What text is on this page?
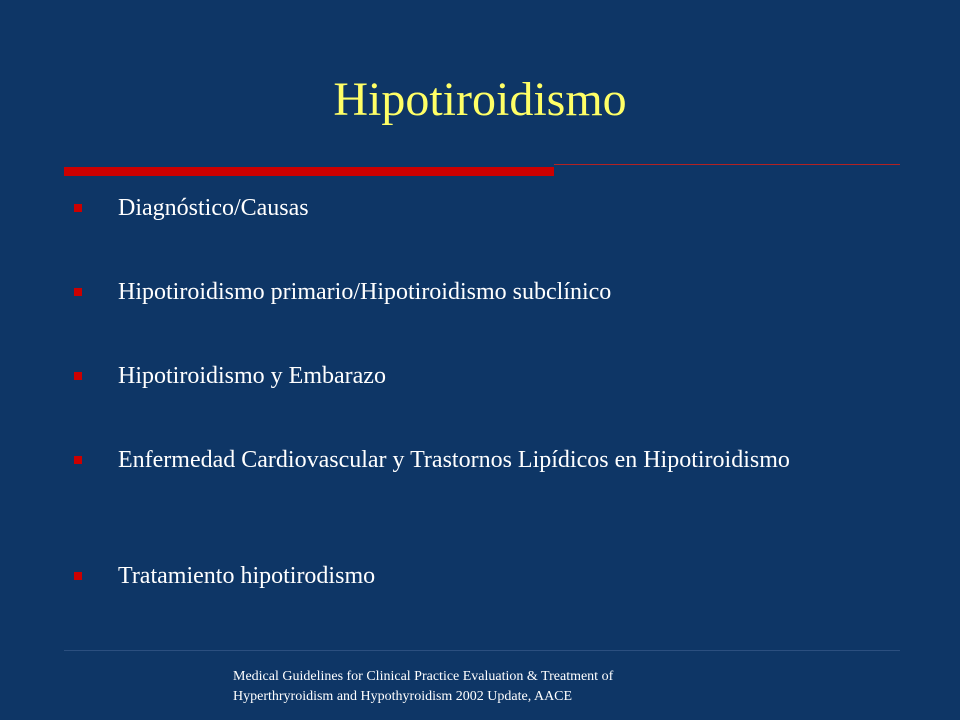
Hipotiroidismo
Diagnóstico/Causas
Hipotiroidismo primario/Hipotiroidismo subclínico
Hipotiroidismo y Embarazo
Enfermedad Cardiovascular y Trastornos Lipídicos en Hipotiroidismo
Tratamiento hipotirodismo
Medical Guidelines for Clinical Practice Evaluation & Treatment of
Hyperthryroidism and Hypothyroidism 2002 Update, AACE
